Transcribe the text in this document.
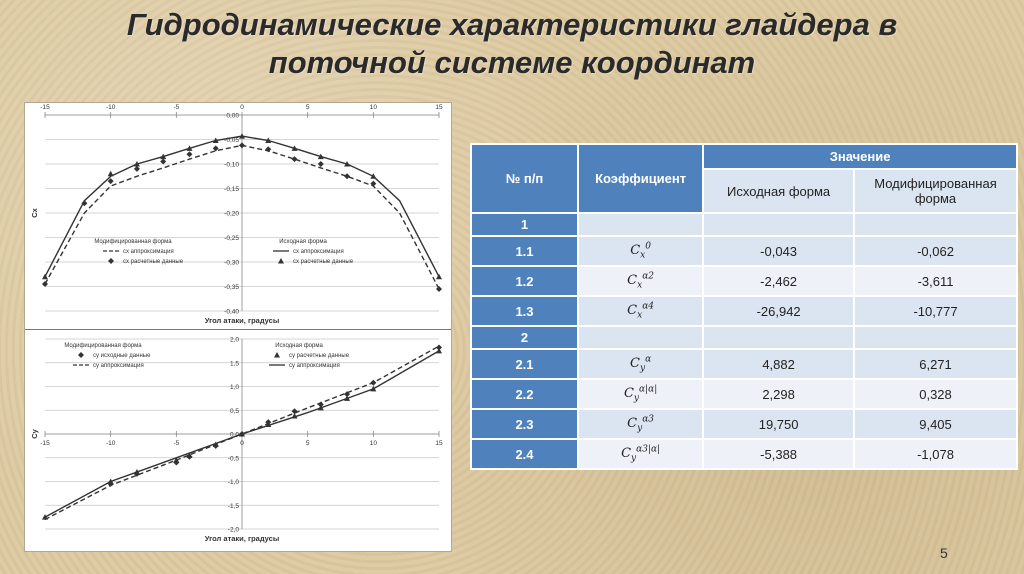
Гидродинамические характеристики глайдера в
поточной системе координат
0,00
-0,05
-0,10
-0,15
-0,20
-0,25
-0,30
-0,35
-0,40
-15	-10	-5	0	5	10	15
Угол атаки, градусы
Cx
Модифицированная форма
cx аппроксимация
cx расчетные данные
Исходная форма
cx аппроксимация
cx расчетные данные
2,0
1,5
1,0
0,5
0,0
-0,5
-1,0
-1,5
-2,0
-15	-10	-5	0	5	10	15
Угол атаки, градусы
Cy
Модифицированная форма
cy исходные данные
cy аппроксимация
Исходная форма
cy расчетные данные
cy аппроксимация
№ п/п	Коэффициент	Значение	
		Исходная форма	Модифицированная форма
1			
1.1	$C_x^0$	-0,043	-0,062
1.2	$C_x^{\alpha 2}$	-2,462	-3,611
1.3	$C_x^{\alpha 4}$	-26,942	-10,777
2			
2.1	$C_y^\alpha$	4,882	6,271
2.2	$C_y^{\alpha|\alpha|}$	2,298	0,328
2.3	$C_y^{\alpha 3}$	19,750	9,405
2.4	$C_y^{\alpha 3|\alpha|}$	-5,388	-1,078
5
